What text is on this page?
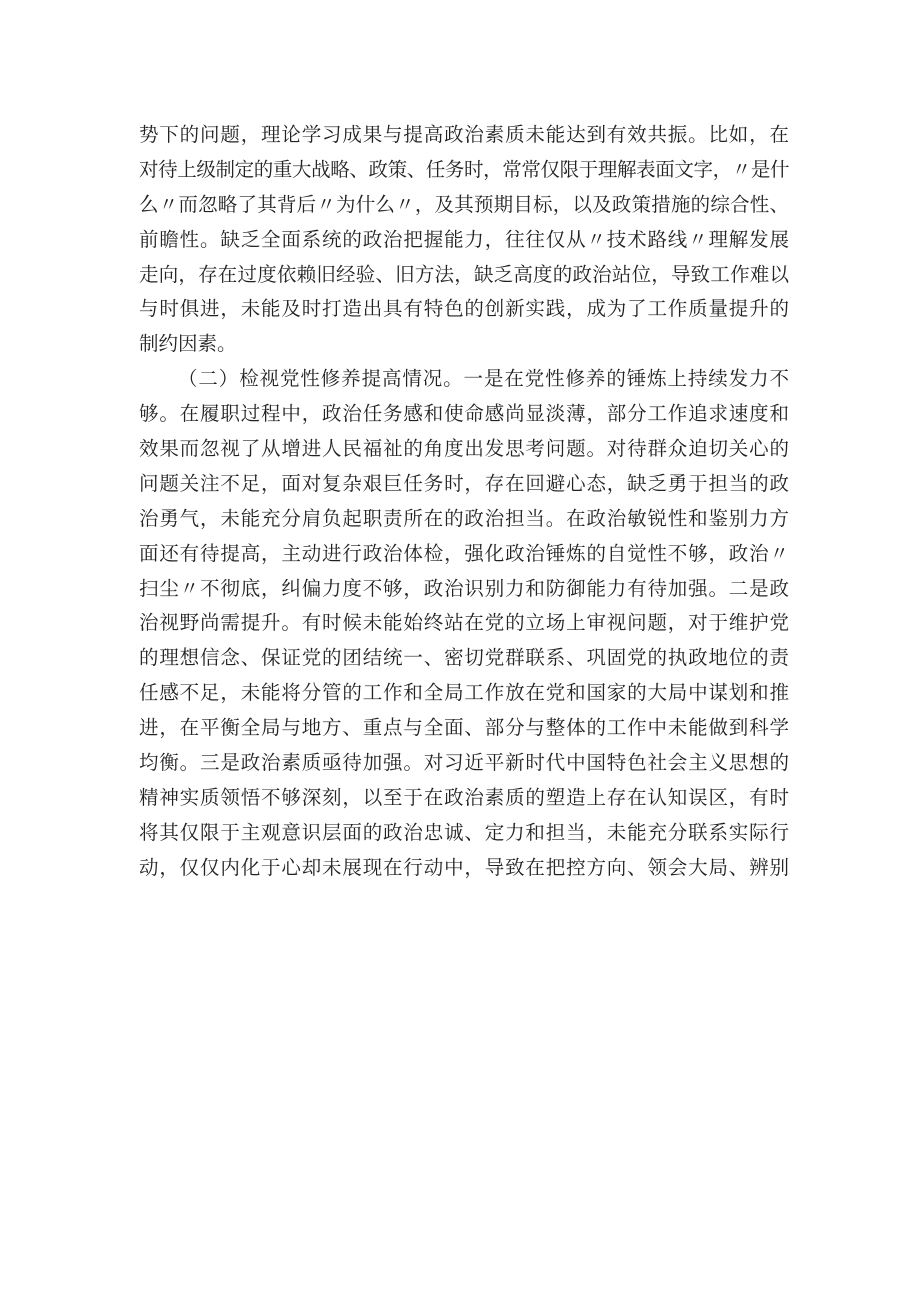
势下的问题，理论学习成果与提高政治素质未能达到有效共振。比如，在
对待上级制定的重大战略、政策、任务时，常常仅限于理解表面文字，〃是什
么〃而忽略了其背后〃为什么〃，及其预期目标，以及政策措施的综合性、
前瞻性。缺乏全面系统的政治把握能力，往往仅从〃技术路线〃理解发展
走向，存在过度依赖旧经验、旧方法，缺乏高度的政治站位，导致工作难以
与时俱进，未能及时打造出具有特色的创新实践，成为了工作质量提升的
制约因素。
（二）检视党性修养提高情况。一是在党性修养的锤炼上持续发力不
够。在履职过程中，政治任务感和使命感尚显淡薄，部分工作追求速度和
效果而忽视了从增进人民福祉的角度出发思考问题。对待群众迫切关心的
问题关注不足，面对复杂艰巨任务时，存在回避心态，缺乏勇于担当的政
治勇气，未能充分肩负起职责所在的政治担当。在政治敏锐性和鉴别力方
面还有待提高，主动进行政治体检，强化政治锤炼的自觉性不够，政治〃
扫尘〃不彻底，纠偏力度不够，政治识别力和防御能力有待加强。二是政
治视野尚需提升。有时候未能始终站在党的立场上审视问题，对于维护党
的理想信念、保证党的团结统一、密切党群联系、巩固党的执政地位的责
任感不足，未能将分管的工作和全局工作放在党和国家的大局中谋划和推
进，在平衡全局与地方、重点与全面、部分与整体的工作中未能做到科学
均衡。三是政治素质亟待加强。对习近平新时代中国特色社会主义思想的
精神实质领悟不够深刻，以至于在政治素质的塑造上存在认知误区，有时
将其仅限于主观意识层面的政治忠诚、定力和担当，未能充分联系实际行
动，仅仅内化于心却未展现在行动中，导致在把控方向、领会大局、辨别
